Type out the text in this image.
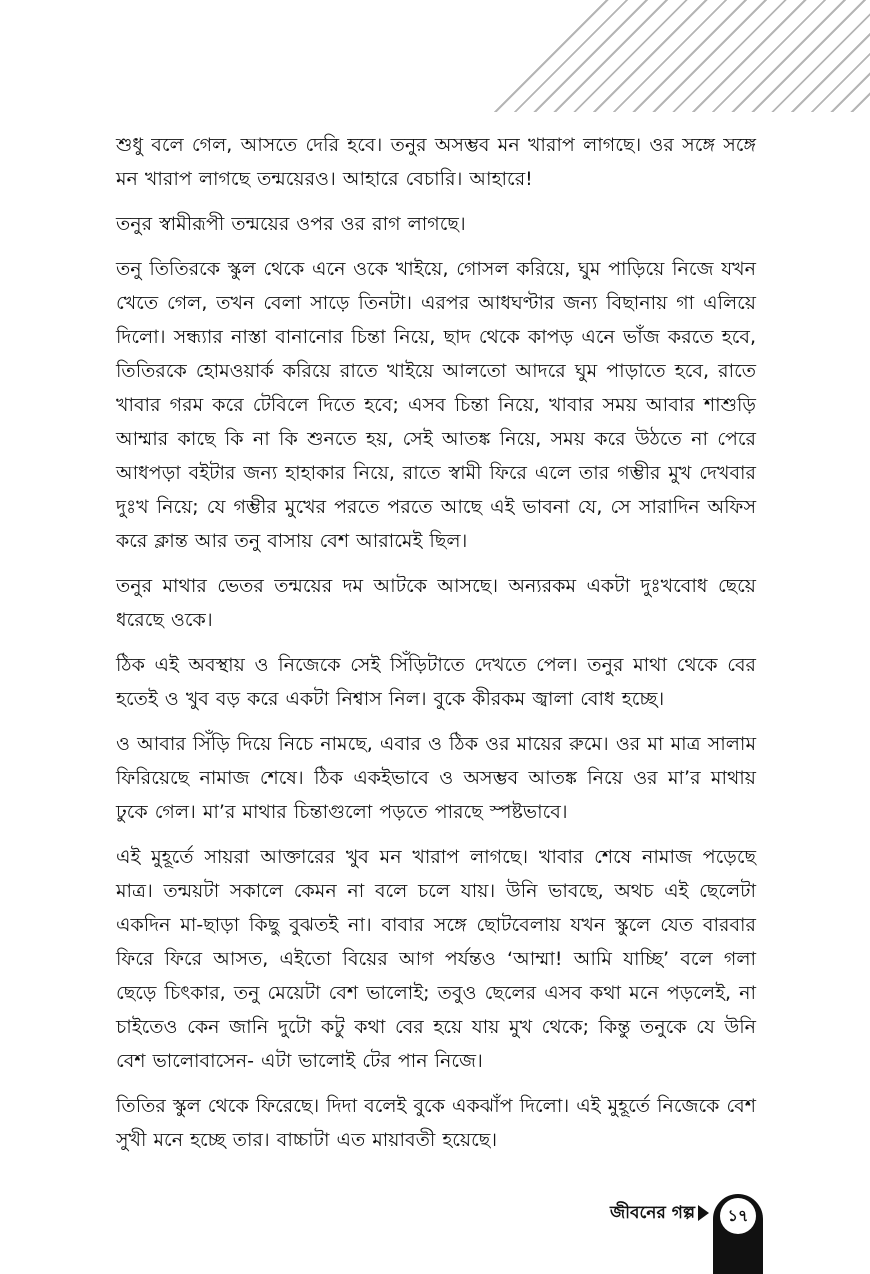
শুধু বলে গেল, আসতে দেরি হবে। তনুর অসম্ভব মন খারাপ লাগছে। ওর সঙ্গে সঙ্গে মন খারাপ লাগছে তন্ময়েরও। আহারে বেচারি। আহারে!

তনুর স্বামীরূপী তন্ময়ের ওপর ওর রাগ লাগছে।

তনু তিতিরকে স্কুল থেকে এনে ওকে খাইয়ে, গোসল করিয়ে, ঘুম পাড়িয়ে নিজে যখন খেতে গেল, তখন বেলা সাড়ে তিনটা। এরপর আধঘণ্টার জন্য বিছানায় গা এলিয়ে দিলো। সন্ধ্যার নাস্তা বানানোর চিন্তা নিয়ে, ছাদ থেকে কাপড় এনে ভাঁজ করতে হবে, তিতিরকে হোমওয়ার্ক করিয়ে রাতে খাইয়ে আলতো আদরে ঘুম পাড়াতে হবে, রাতে খাবার গরম করে টেবিলে দিতে হবে; এসব চিন্তা নিয়ে, খাবার সময় আবার শাশুড়ি আম্মার কাছে কি না কি শুনতে হয়, সেই আতঙ্ক নিয়ে, সময় করে উঠতে না পেরে আধপড়া বইটার জন্য হাহাকার নিয়ে, রাতে স্বামী ফিরে এলে তার গম্ভীর মুখ দেখবার দুঃখ নিয়ে; যে গম্ভীর মুখের পরতে পরতে আছে এই ভাবনা যে, সে সারাদিন অফিস করে ক্লান্ত আর তনু বাসায় বেশ আরামেই ছিল।

তনুর মাথার ভেতর তন্ময়ের দম আটকে আসছে। অন্যরকম একটা দুঃখবোধ ছেয়ে ধরেছে ওকে।

ঠিক এই অবস্থায় ও নিজেকে সেই সিঁড়িটাতে দেখতে পেল। তনুর মাথা থেকে বের হতেই ও খুব বড় করে একটা নিশ্বাস নিল। বুকে কীরকম জ্বালা বোধ হচ্ছে।

ও আবার সিঁড়ি দিয়ে নিচে নামছে, এবার ও ঠিক ওর মায়ের রুমে। ওর মা মাত্র সালাম ফিরিয়েছে নামাজ শেষে। ঠিক একইভাবে ও অসম্ভব আতঙ্ক নিয়ে ওর মা’র মাথায় ঢুকে গেল। মা’র মাথার চিন্তাগুলো পড়তে পারছে স্পষ্টভাবে।

এই মুহূর্তে সায়রা আক্তারের খুব মন খারাপ লাগছে। খাবার শেষে নামাজ পড়েছে মাত্র। তন্ময়টা সকালে কেমন না বলে চলে যায়। উনি ভাবছে, অথচ এই ছেলেটা একদিন মা-ছাড়া কিছু বুঝতই না। বাবার সঙ্গে ছোটবেলায় যখন স্কুলে যেত বারবার ফিরে ফিরে আসত, এইতো বিয়ের আগ পর্যন্তও ‘আম্মা! আমি যাচ্ছি’ বলে গলা ছেড়ে চিৎকার, তনু মেয়েটা বেশ ভালোই; তবুও ছেলের এসব কথা মনে পড়লেই, না চাইতেও কেন জানি দুটো কটু কথা বের হয়ে যায় মুখ থেকে; কিন্তু তনুকে যে উনি বেশ ভালোবাসেন- এটা ভালোই টের পান নিজে।

তিতির স্কুল থেকে ফিরেছে। দিদা বলেই বুকে একঝাঁপ দিলো। এই মুহূর্তে নিজেকে বেশ সুখী মনে হচ্ছে তার। বাচ্চাটা এত মায়াবতী হয়েছে।

জীবনের গল্প	১৭
